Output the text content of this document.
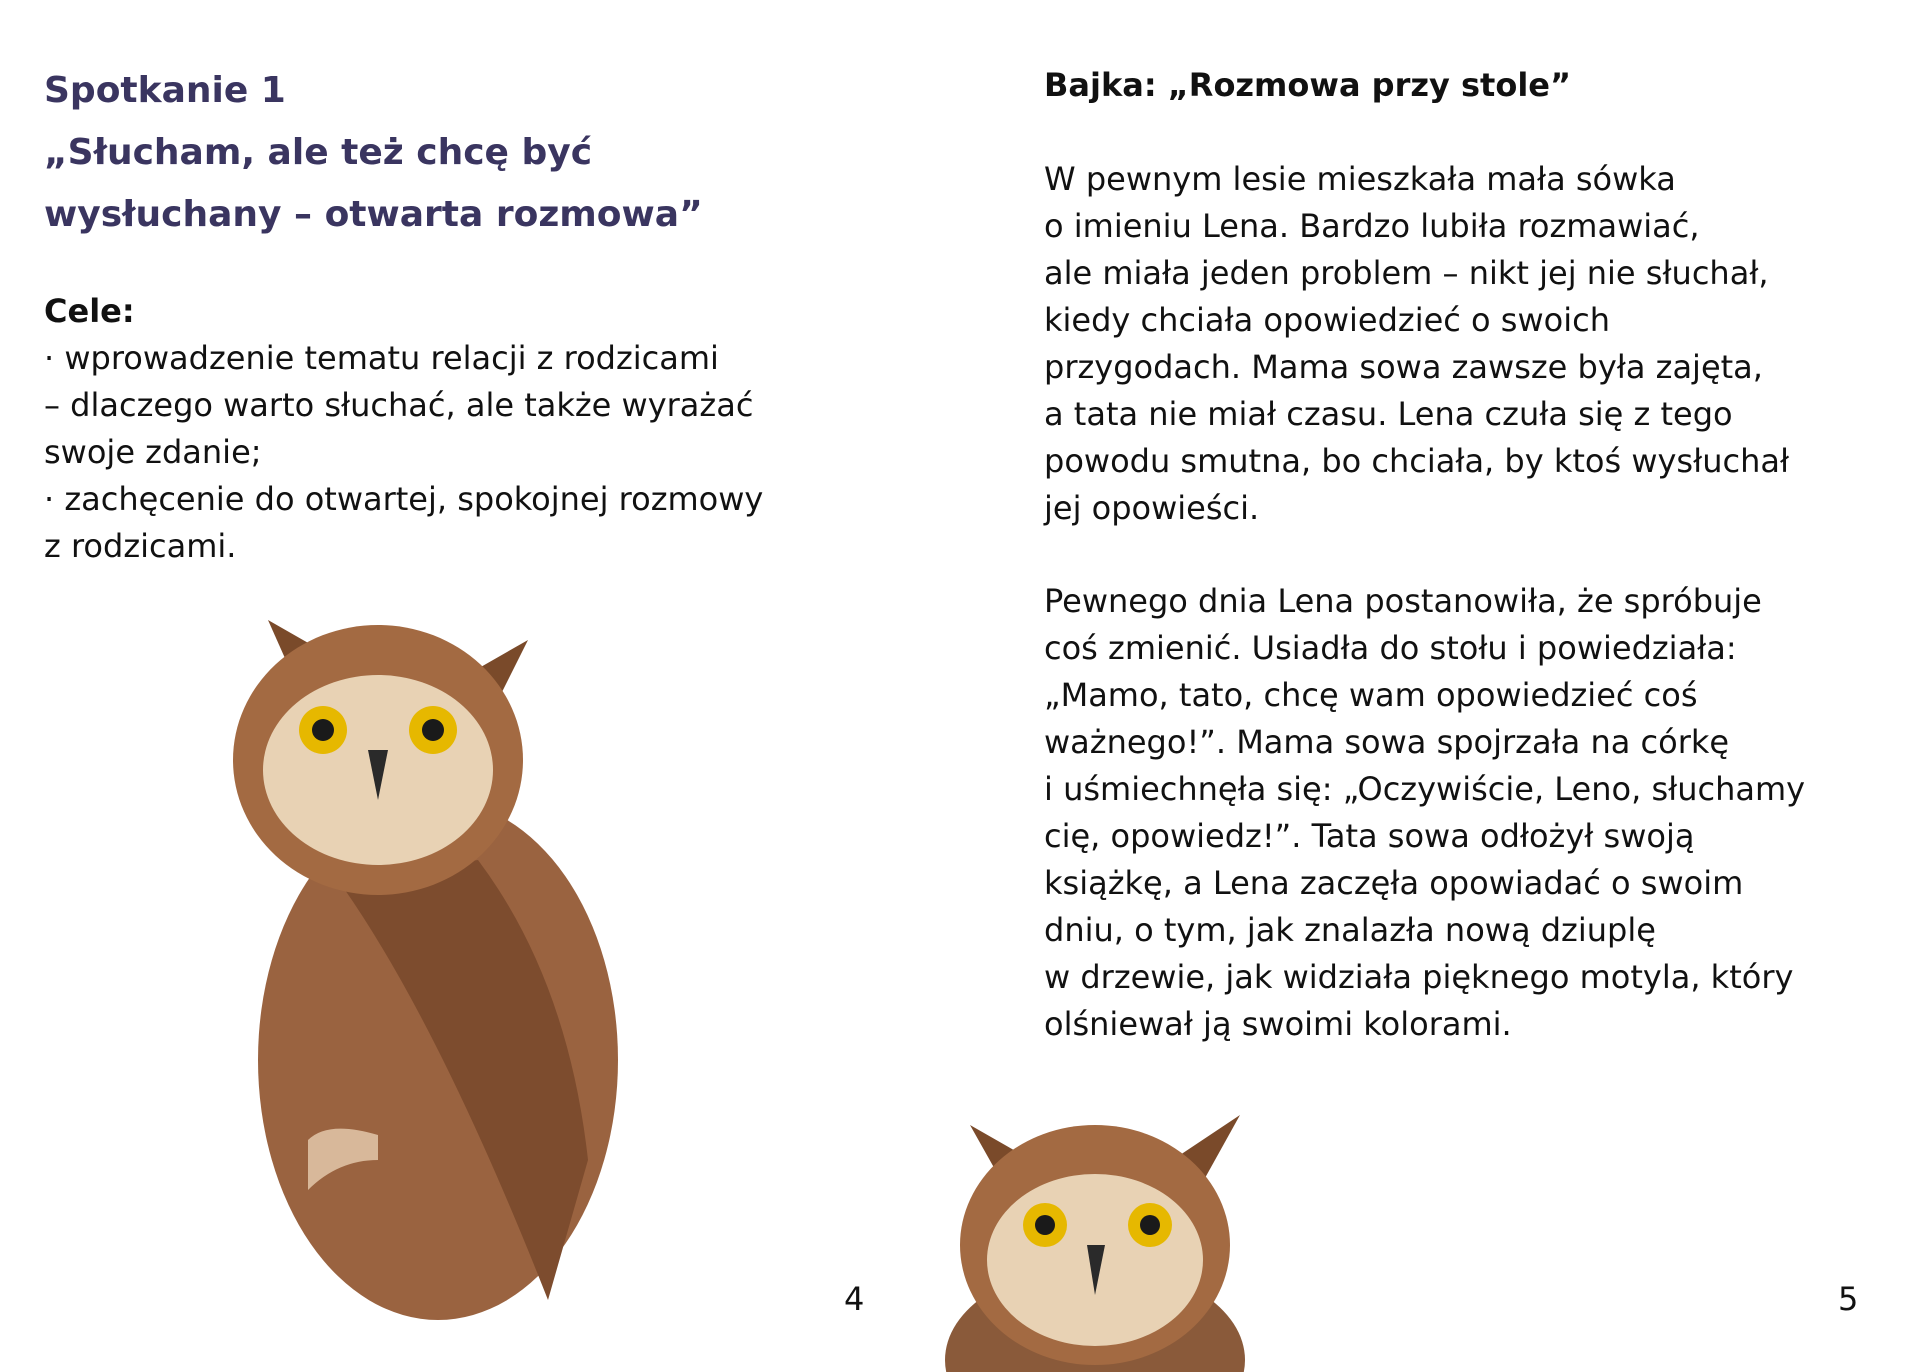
Spotkanie 1
„Słucham, ale też chcę być
wysłuchany – otwarta rozmowa”
Cele:

· wprowadzenie tematu relacji z rodzicami

– dlaczego warto słuchać, ale także wyrażać

swoje zdanie;

· zachęcenie do otwartej, spokojnej rozmowy

z rodzicami.

4
Bajka: „Rozmowa przy stole”

W pewnym lesie mieszkała mała sówka
o imieniu Lena. Bardzo lubiła rozmawiać,
ale miała jeden problem – nikt jej nie słuchał,
kiedy chciała opowiedzieć o swoich
przygodach. Mama sowa zawsze była zajęta,
a tata nie miał czasu. Lena czuła się z tego
powodu smutna, bo chciała, by ktoś wysłuchał
jej opowieści.

Pewnego dnia Lena postanowiła, że spróbuje
coś zmienić. Usiadła do stołu i powiedziała:
„Mamo, tato, chcę wam opowiedzieć coś
ważnego!”. Mama sowa spojrzała na córkę
i uśmiechnęła się: „Oczywiście, Leno, słuchamy
cię, opowiedz!”. Tata sowa odłożył swoją
książkę, a Lena zaczęła opowiadać o swoim
dniu, o tym, jak znalazła nową dziuplę
w drzewie, jak widziała pięknego motyla, który
olśniewał ją swoimi kolorami.

5
